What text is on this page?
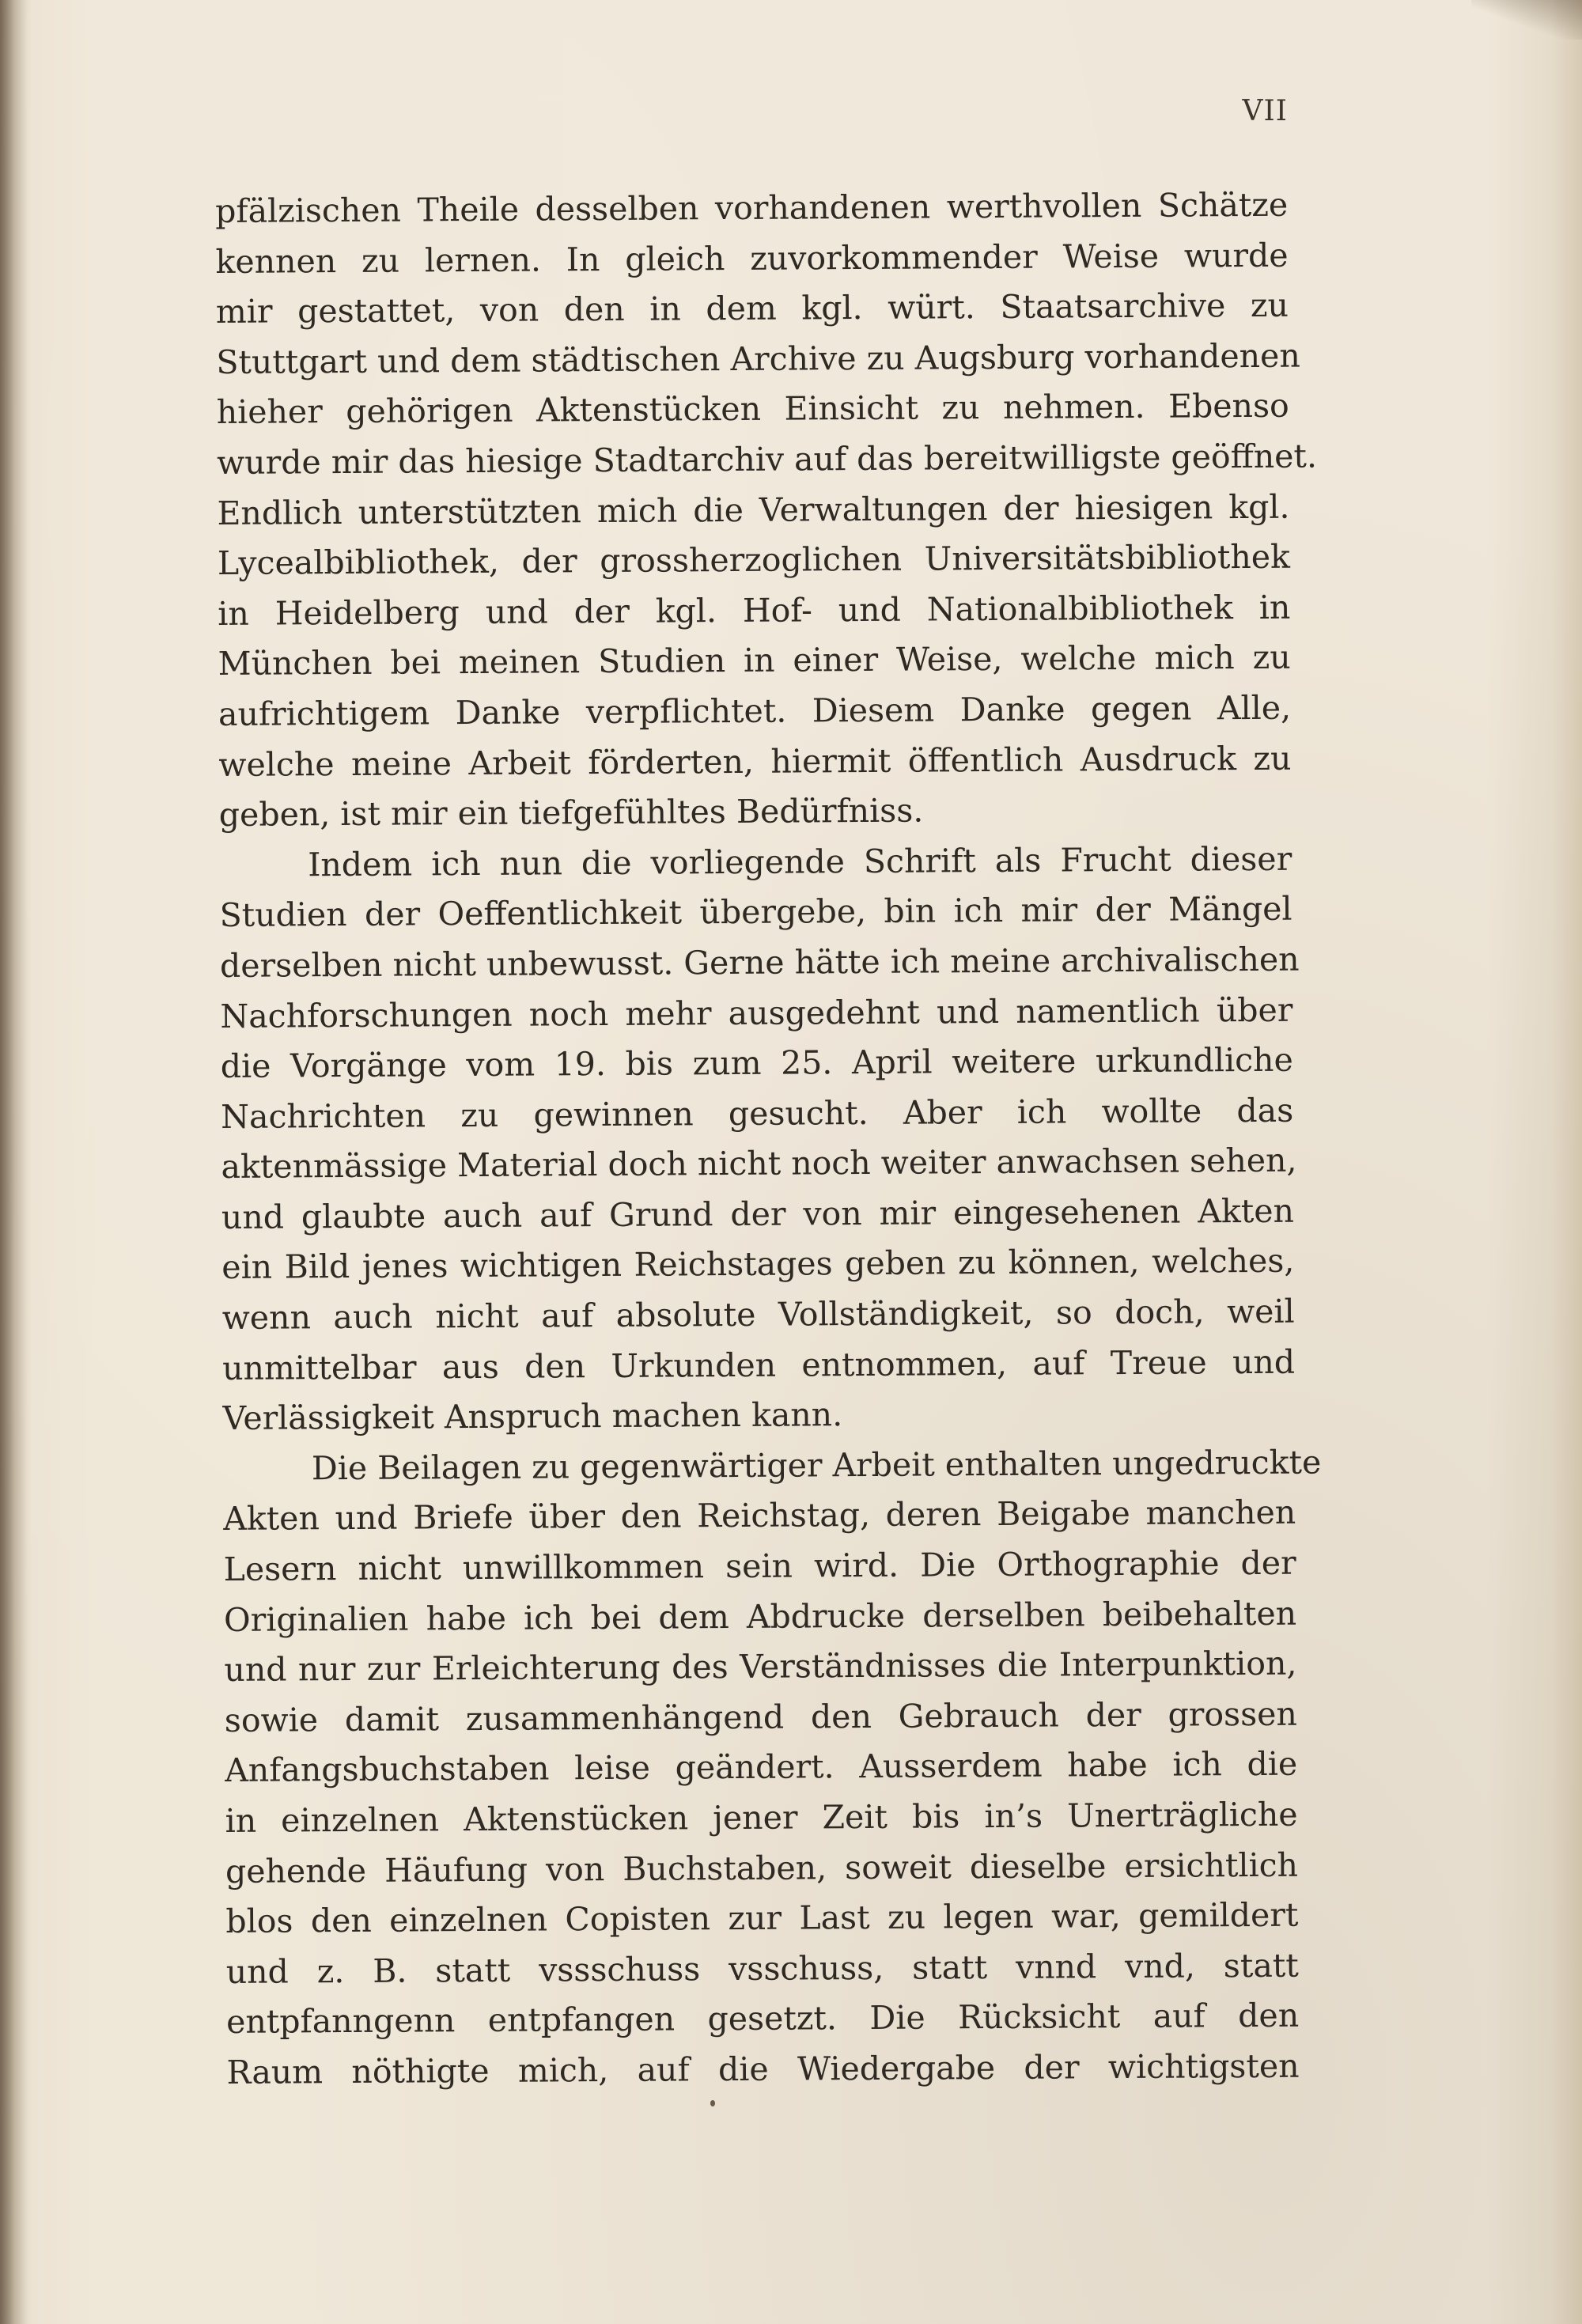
VII
pfälzischen Theile desselben vorhandenen werthvollen Schätze
kennen zu lernen. In gleich zuvorkommender Weise wurde
mir gestattet, von den in dem kgl. würt. Staatsarchive zu
Stuttgart und dem städtischen Archive zu Augsburg vorhandenen
hieher gehörigen Aktenstücken Einsicht zu nehmen. Ebenso
wurde mir das hiesige Stadtarchiv auf das bereitwilligste geöffnet.
Endlich unterstützten mich die Verwaltungen der hiesigen kgl.
Lycealbibliothek, der grossherzoglichen Universitätsbibliothek
in Heidelberg und der kgl. Hof- und Nationalbibliothek in
München bei meinen Studien in einer Weise, welche mich zu
aufrichtigem Danke verpflichtet. Diesem Danke gegen Alle,
welche meine Arbeit förderten, hiermit öffentlich Ausdruck zu
geben, ist mir ein tiefgefühltes Bedürfniss.
Indem ich nun die vorliegende Schrift als Frucht dieser
Studien der Oeffentlichkeit übergebe, bin ich mir der Mängel
derselben nicht unbewusst. Gerne hätte ich meine archivalischen
Nachforschungen noch mehr ausgedehnt und namentlich über
die Vorgänge vom 19. bis zum 25. April weitere urkundliche
Nachrichten zu gewinnen gesucht. Aber ich wollte das
aktenmässige Material doch nicht noch weiter anwachsen sehen,
und glaubte auch auf Grund der von mir eingesehenen Akten
ein Bild jenes wichtigen Reichstages geben zu können, welches,
wenn auch nicht auf absolute Vollständigkeit, so doch, weil
unmittelbar aus den Urkunden entnommen, auf Treue und
Verlässigkeit Anspruch machen kann.
Die Beilagen zu gegenwärtiger Arbeit enthalten ungedruckte
Akten und Briefe über den Reichstag, deren Beigabe manchen
Lesern nicht unwillkommen sein wird. Die Orthographie der
Originalien habe ich bei dem Abdrucke derselben beibehalten
und nur zur Erleichterung des Verständnisses die Interpunktion,
sowie damit zusammenhängend den Gebrauch der grossen
Anfangsbuchstaben leise geändert. Ausserdem habe ich die
in einzelnen Aktenstücken jener Zeit bis in’s Unerträgliche
gehende Häufung von Buchstaben, soweit dieselbe ersichtlich
blos den einzelnen Copisten zur Last zu legen war, gemildert
und z. B. statt vssschuss vsschuss, statt vnnd vnd, statt
entpfanngenn entpfangen gesetzt. Die Rücksicht auf den
Raum nöthigte mich, auf die Wiedergabe der wichtigsten
